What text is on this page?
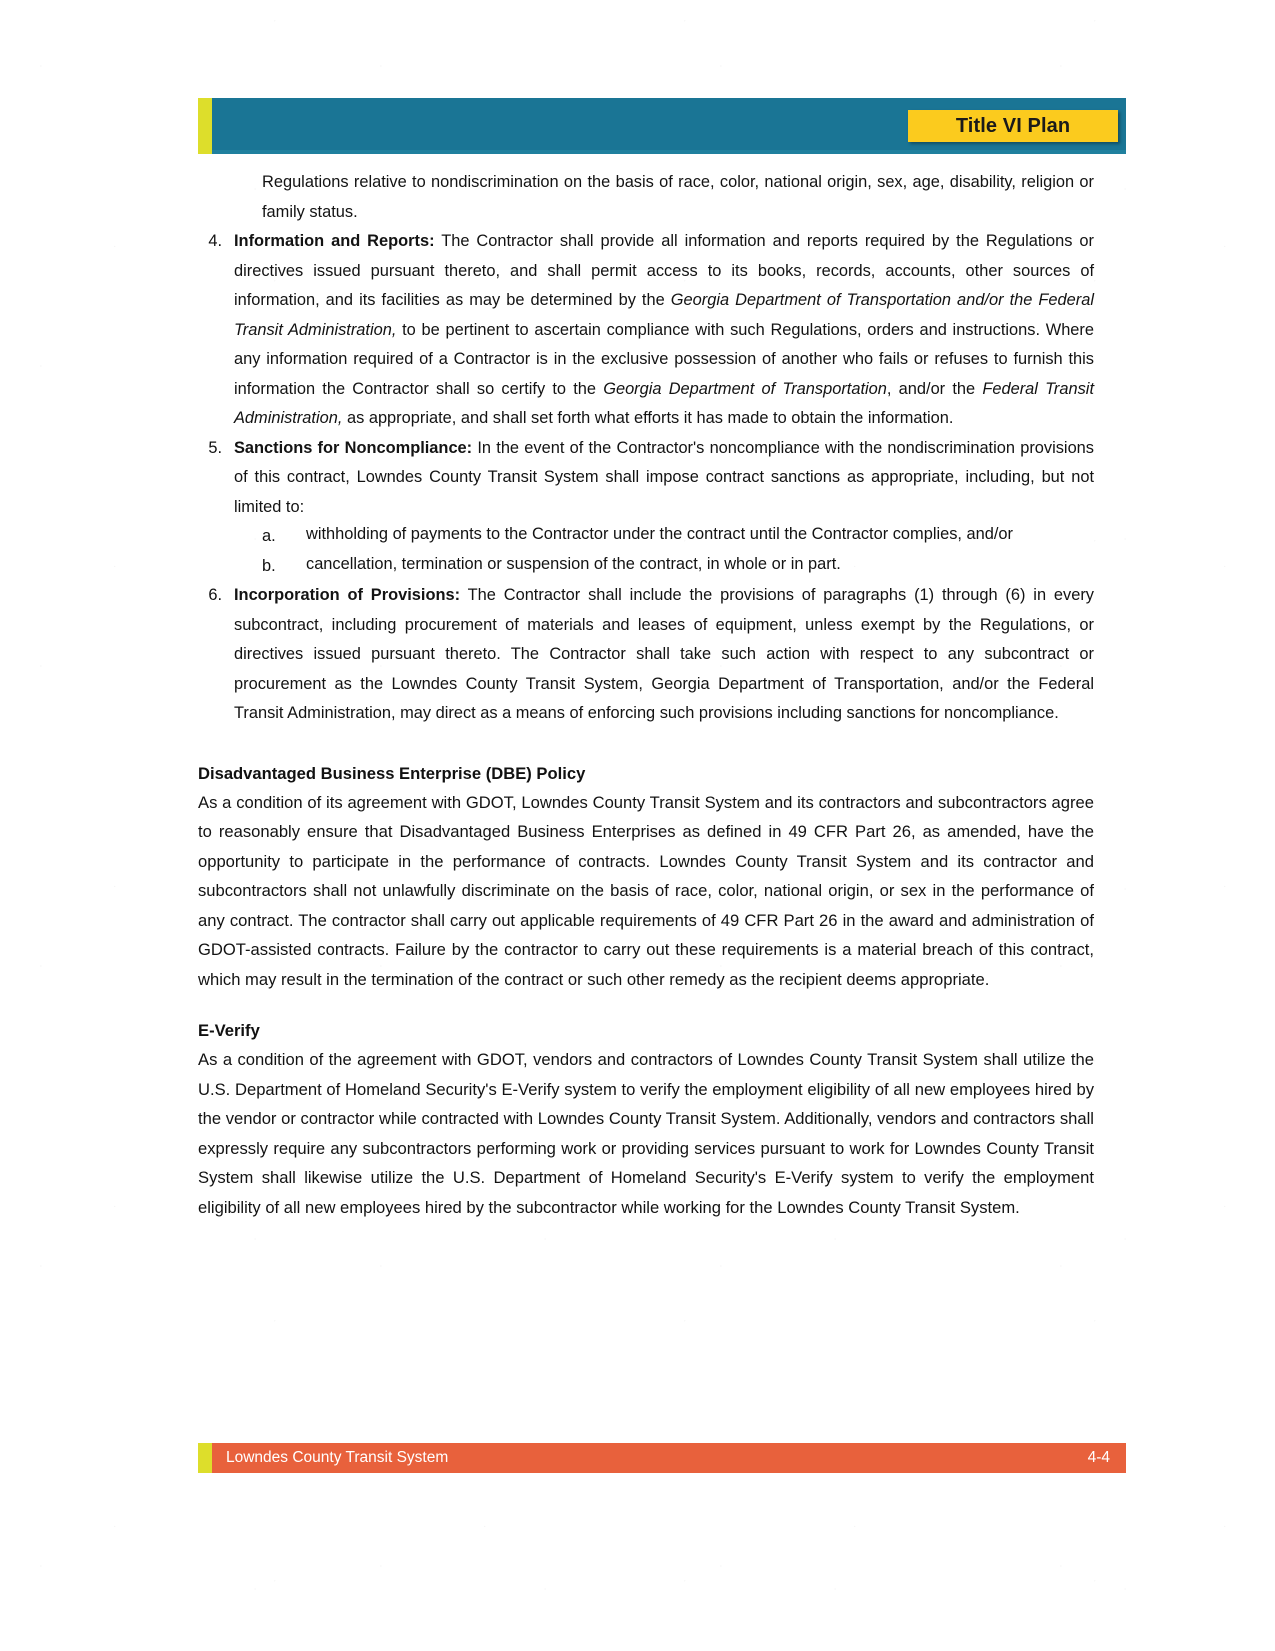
Title VI Plan
Regulations relative to nondiscrimination on the basis of race, color, national origin, sex, age, disability, religion or family status.
4. Information and Reports: The Contractor shall provide all information and reports required by the Regulations or directives issued pursuant thereto, and shall permit access to its books, records, accounts, other sources of information, and its facilities as may be determined by the Georgia Department of Transportation and/or the Federal Transit Administration, to be pertinent to ascertain compliance with such Regulations, orders and instructions. Where any information required of a Contractor is in the exclusive possession of another who fails or refuses to furnish this information the Contractor shall so certify to the Georgia Department of Transportation, and/or the Federal Transit Administration, as appropriate, and shall set forth what efforts it has made to obtain the information.
5. Sanctions for Noncompliance: In the event of the Contractor's noncompliance with the nondiscrimination provisions of this contract, Lowndes County Transit System shall impose contract sanctions as appropriate, including, but not limited to:
a.	withholding of payments to the Contractor under the contract until the Contractor complies, and/or
b.	cancellation, termination or suspension of the contract, in whole or in part.
6. Incorporation of Provisions: The Contractor shall include the provisions of paragraphs (1) through (6) in every subcontract, including procurement of materials and leases of equipment, unless exempt by the Regulations, or directives issued pursuant thereto. The Contractor shall take such action with respect to any subcontract or procurement as the Lowndes County Transit System, Georgia Department of Transportation, and/or the Federal Transit Administration, may direct as a means of enforcing such provisions including sanctions for noncompliance.
Disadvantaged Business Enterprise (DBE) Policy
As a condition of its agreement with GDOT, Lowndes County Transit System and its contractors and subcontractors agree to reasonably ensure that Disadvantaged Business Enterprises as defined in 49 CFR Part 26, as amended, have the opportunity to participate in the performance of contracts. Lowndes County Transit System and its contractor and subcontractors shall not unlawfully discriminate on the basis of race, color, national origin, or sex in the performance of any contract. The contractor shall carry out applicable requirements of 49 CFR Part 26 in the award and administration of GDOT-assisted contracts. Failure by the contractor to carry out these requirements is a material breach of this contract, which may result in the termination of the contract or such other remedy as the recipient deems appropriate.
E-Verify
As a condition of the agreement with GDOT, vendors and contractors of Lowndes County Transit System shall utilize the U.S. Department of Homeland Security's E-Verify system to verify the employment eligibility of all new employees hired by the vendor or contractor while contracted with Lowndes County Transit System. Additionally, vendors and contractors shall expressly require any subcontractors performing work or providing services pursuant to work for Lowndes County Transit System shall likewise utilize the U.S. Department of Homeland Security's E-Verify system to verify the employment eligibility of all new employees hired by the subcontractor while working for the Lowndes County Transit System.
Lowndes County Transit System	4-4
